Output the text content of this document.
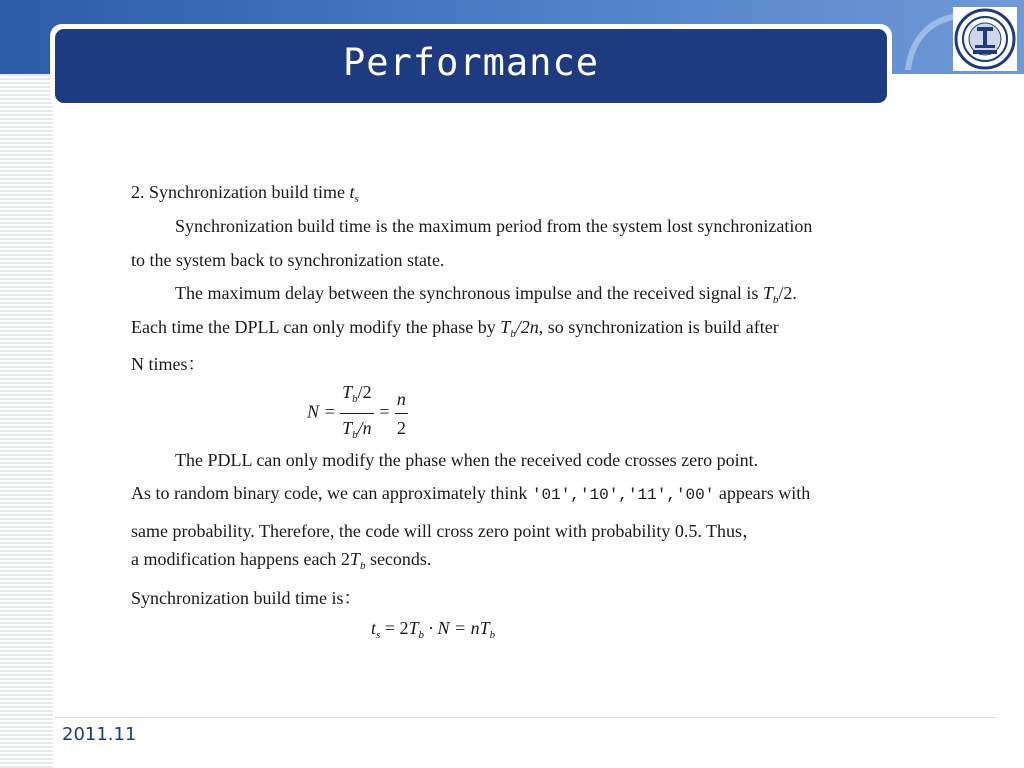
Performance
2. Synchronization build time $t_s$
Synchronization build time is the maximum period from the system lost synchronization
to the system back to synchronization state.
The maximum delay between the synchronous impulse and the received signal is $T_b/2$.
Each time the DPLL can only modify the phase by $T_b/2n$, so synchronization is build after
N times：
$N = \frac{T_b/2}{T_b/n} = \frac{n}{2}$
The PDLL can only modify the phase when the received code crosses zero point.
As to random binary code, we can approximately think '01','10','11','00' appears with
same probability. Therefore, the code will cross zero point with probability 0.5. Thus，
a modification happens each $2T_b$ seconds.
Synchronization build time is：
$t_s = 2T_b \cdot N = nT_b$
2011.11
